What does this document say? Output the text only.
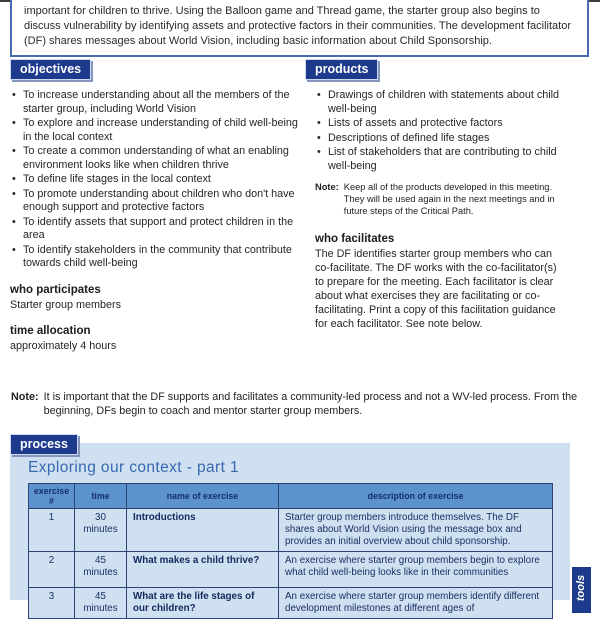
important for children to thrive. Using the Balloon game and Thread game, the starter group also begins to discuss vulnerability by identifying assets and protective factors in their communities. The development facilitator (DF) shares messages about World Vision, including basic information about Child Sponsorship.
objectives
• To increase understanding about all the members of the starter group, including World Vision
• To explore and increase understanding of child well-being in the local context
• To create a common understanding of what an enabling environment looks like when children thrive
• To define life stages in the local context
• To promote understanding about children who don't have enough support and protective factors
• To identify assets that support and protect children in the area
• To identify stakeholders in the community that contribute towards child well-being
who participates
Starter group members
time allocation
approximately 4 hours
products
• Drawings of children with statements about child well-being
• Lists of assets and protective factors
• Descriptions of defined life stages
• List of stakeholders that are contributing to child well-being
Note: Keep all of the products developed in this meeting. They will be used again in the next meetings and in future steps of the Critical Path.
who facilitates
The DF identifies starter group members who can co-facilitate. The DF works with the co-facilitator(s) to prepare for the meeting. Each facilitator is clear about what exercises they are facilitating or co-facilitating. Print a copy of this facilitation guidance for each facilitator. See note below.
Note: It is important that the DF supports and facilitates a community-led process and not a WV-led process. From the beginning, DFs begin to coach and mentor starter group members.
process
Exploring our context - part 1
exercise #	time	name of exercise	description of exercise
1	30 minutes	Introductions	Starter group members introduce themselves. The DF shares about World Vision using the message box and provides an initial overview about child sponsorship.
2	45 minutes	What makes a child thrive?	An exercise where starter group members begin to explore what child well-being looks like in their communities
3	45 minutes	What are the life stages of our children?	An exercise where starter group members identify different development milestones at different ages of
tools
